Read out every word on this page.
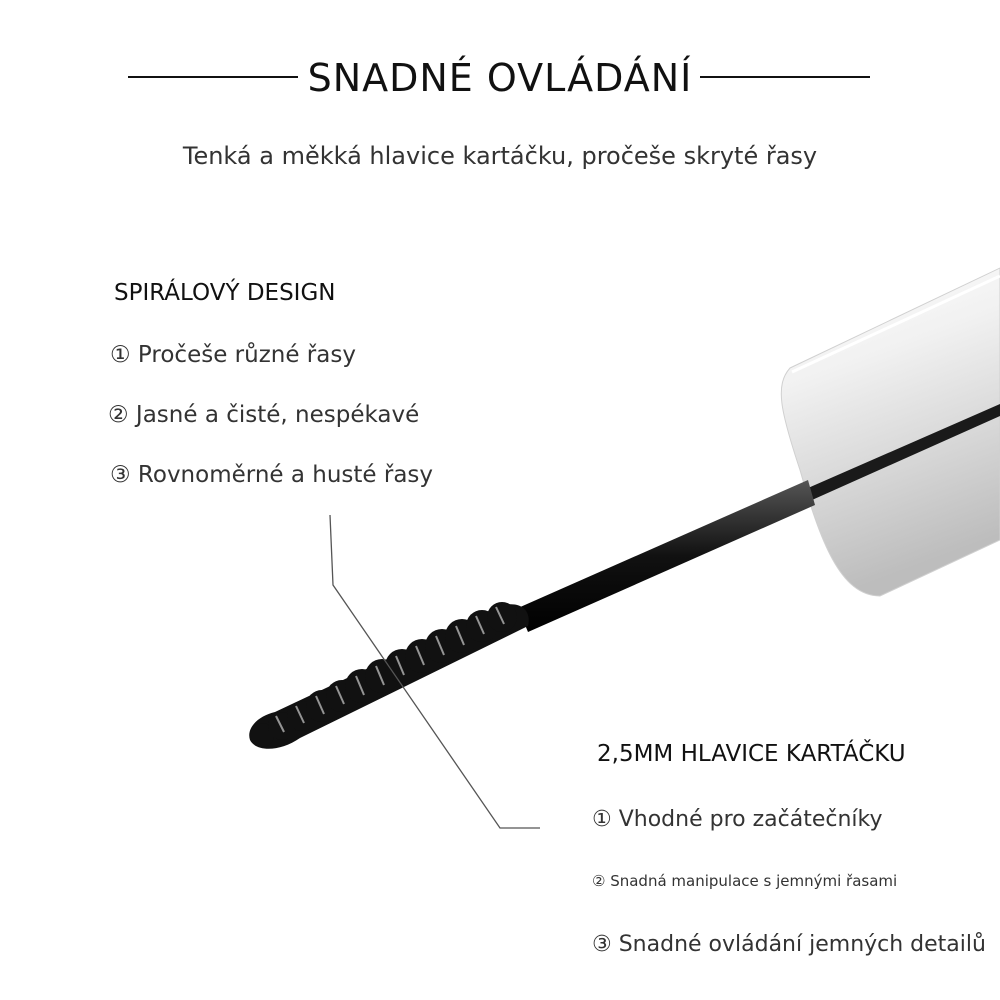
SNADNÉ OVLÁDÁNÍ
Tenká a měkká hlavice kartáčku, pročeše skryté řasy
SPIRÁLOVÝ DESIGN
① Pročeše různé řasy
② Jasné a čisté, nespékavé
③ Rovnoměrné a husté řasy
2,5MM HLAVICE KARTÁČKU
① Vhodné pro začátečníky
② Snadná manipulace s jemnými řasami
③ Snadné ovládání jemných detailů
